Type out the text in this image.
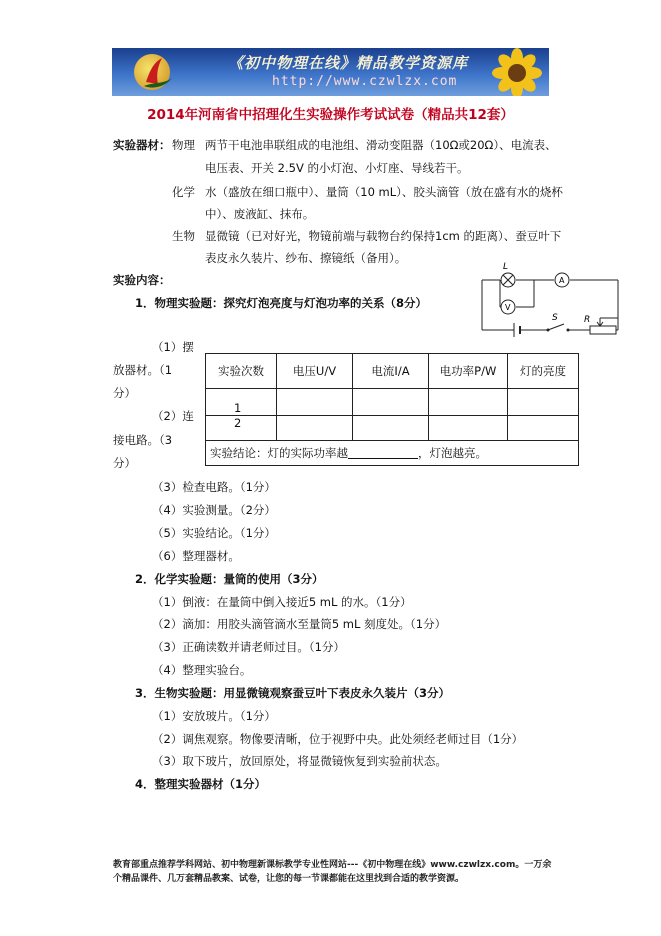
《初中物理在线》精品教学资源库
http://www.czwlzx.com
2014年河南省中招理化生实验操作考试试卷（精品共12套）
实验器材： 物理 两节干电池串联组成的电池组、滑动变阻器（10Ω或20Ω）、电流表、
电压表、开关 2.5V 的小灯泡、小灯座、导线若干。
化学 水（盛放在细口瓶中）、量筒（10 mL）、胶头滴管（放在盛有水的烧杯
中）、废液缸、抹布。
生物 显微镜（已对好光，物镜前端与载物台约保持1cm 的距离）、蚕豆叶下
表皮永久装片、纱布、擦镜纸（备用）。
实验内容：
L
V
A
S	R
1．物理实验题：探究灯泡亮度与灯泡功率的关系（8分）
（1）摆
放器材。（1
分）
（2）连
接电路。（3
分）
实验次数	电压U/V	电流I/A	电功率P/W	灯的亮度
1				
2				
实验结论：灯的实际功率越 ，灯泡越亮。				
（3）检查电路。（1分）
（4）实验测量。（2分）
（5）实验结论。（1分）
（6）整理器材。
2．化学实验题：量筒的使用（3分）
（1）倒液：在量筒中倒入接近5 mL 的水。（1分）
（2）滴加：用胶头滴管滴水至量筒5 mL 刻度处。（1分）
（3）正确读数并请老师过目。（1分）
（4）整理实验台。
3．生物实验题：用显微镜观察蚕豆叶下表皮永久装片（3分）
（1）安放玻片。（1分）
（2）调焦观察。物像要清晰，位于视野中央。此处须经老师过目（1分）
（3）取下玻片，放回原处，将显微镜恢复到实验前状态。
4．整理实验器材（1分）
教育部重点推荐学科网站、初中物理新课标教学专业性网站---《初中物理在线》www.czwlzx.com。一万余
个精品课件、几万套精品教案、试卷，让您的每一节课都能在这里找到合适的教学资源。
